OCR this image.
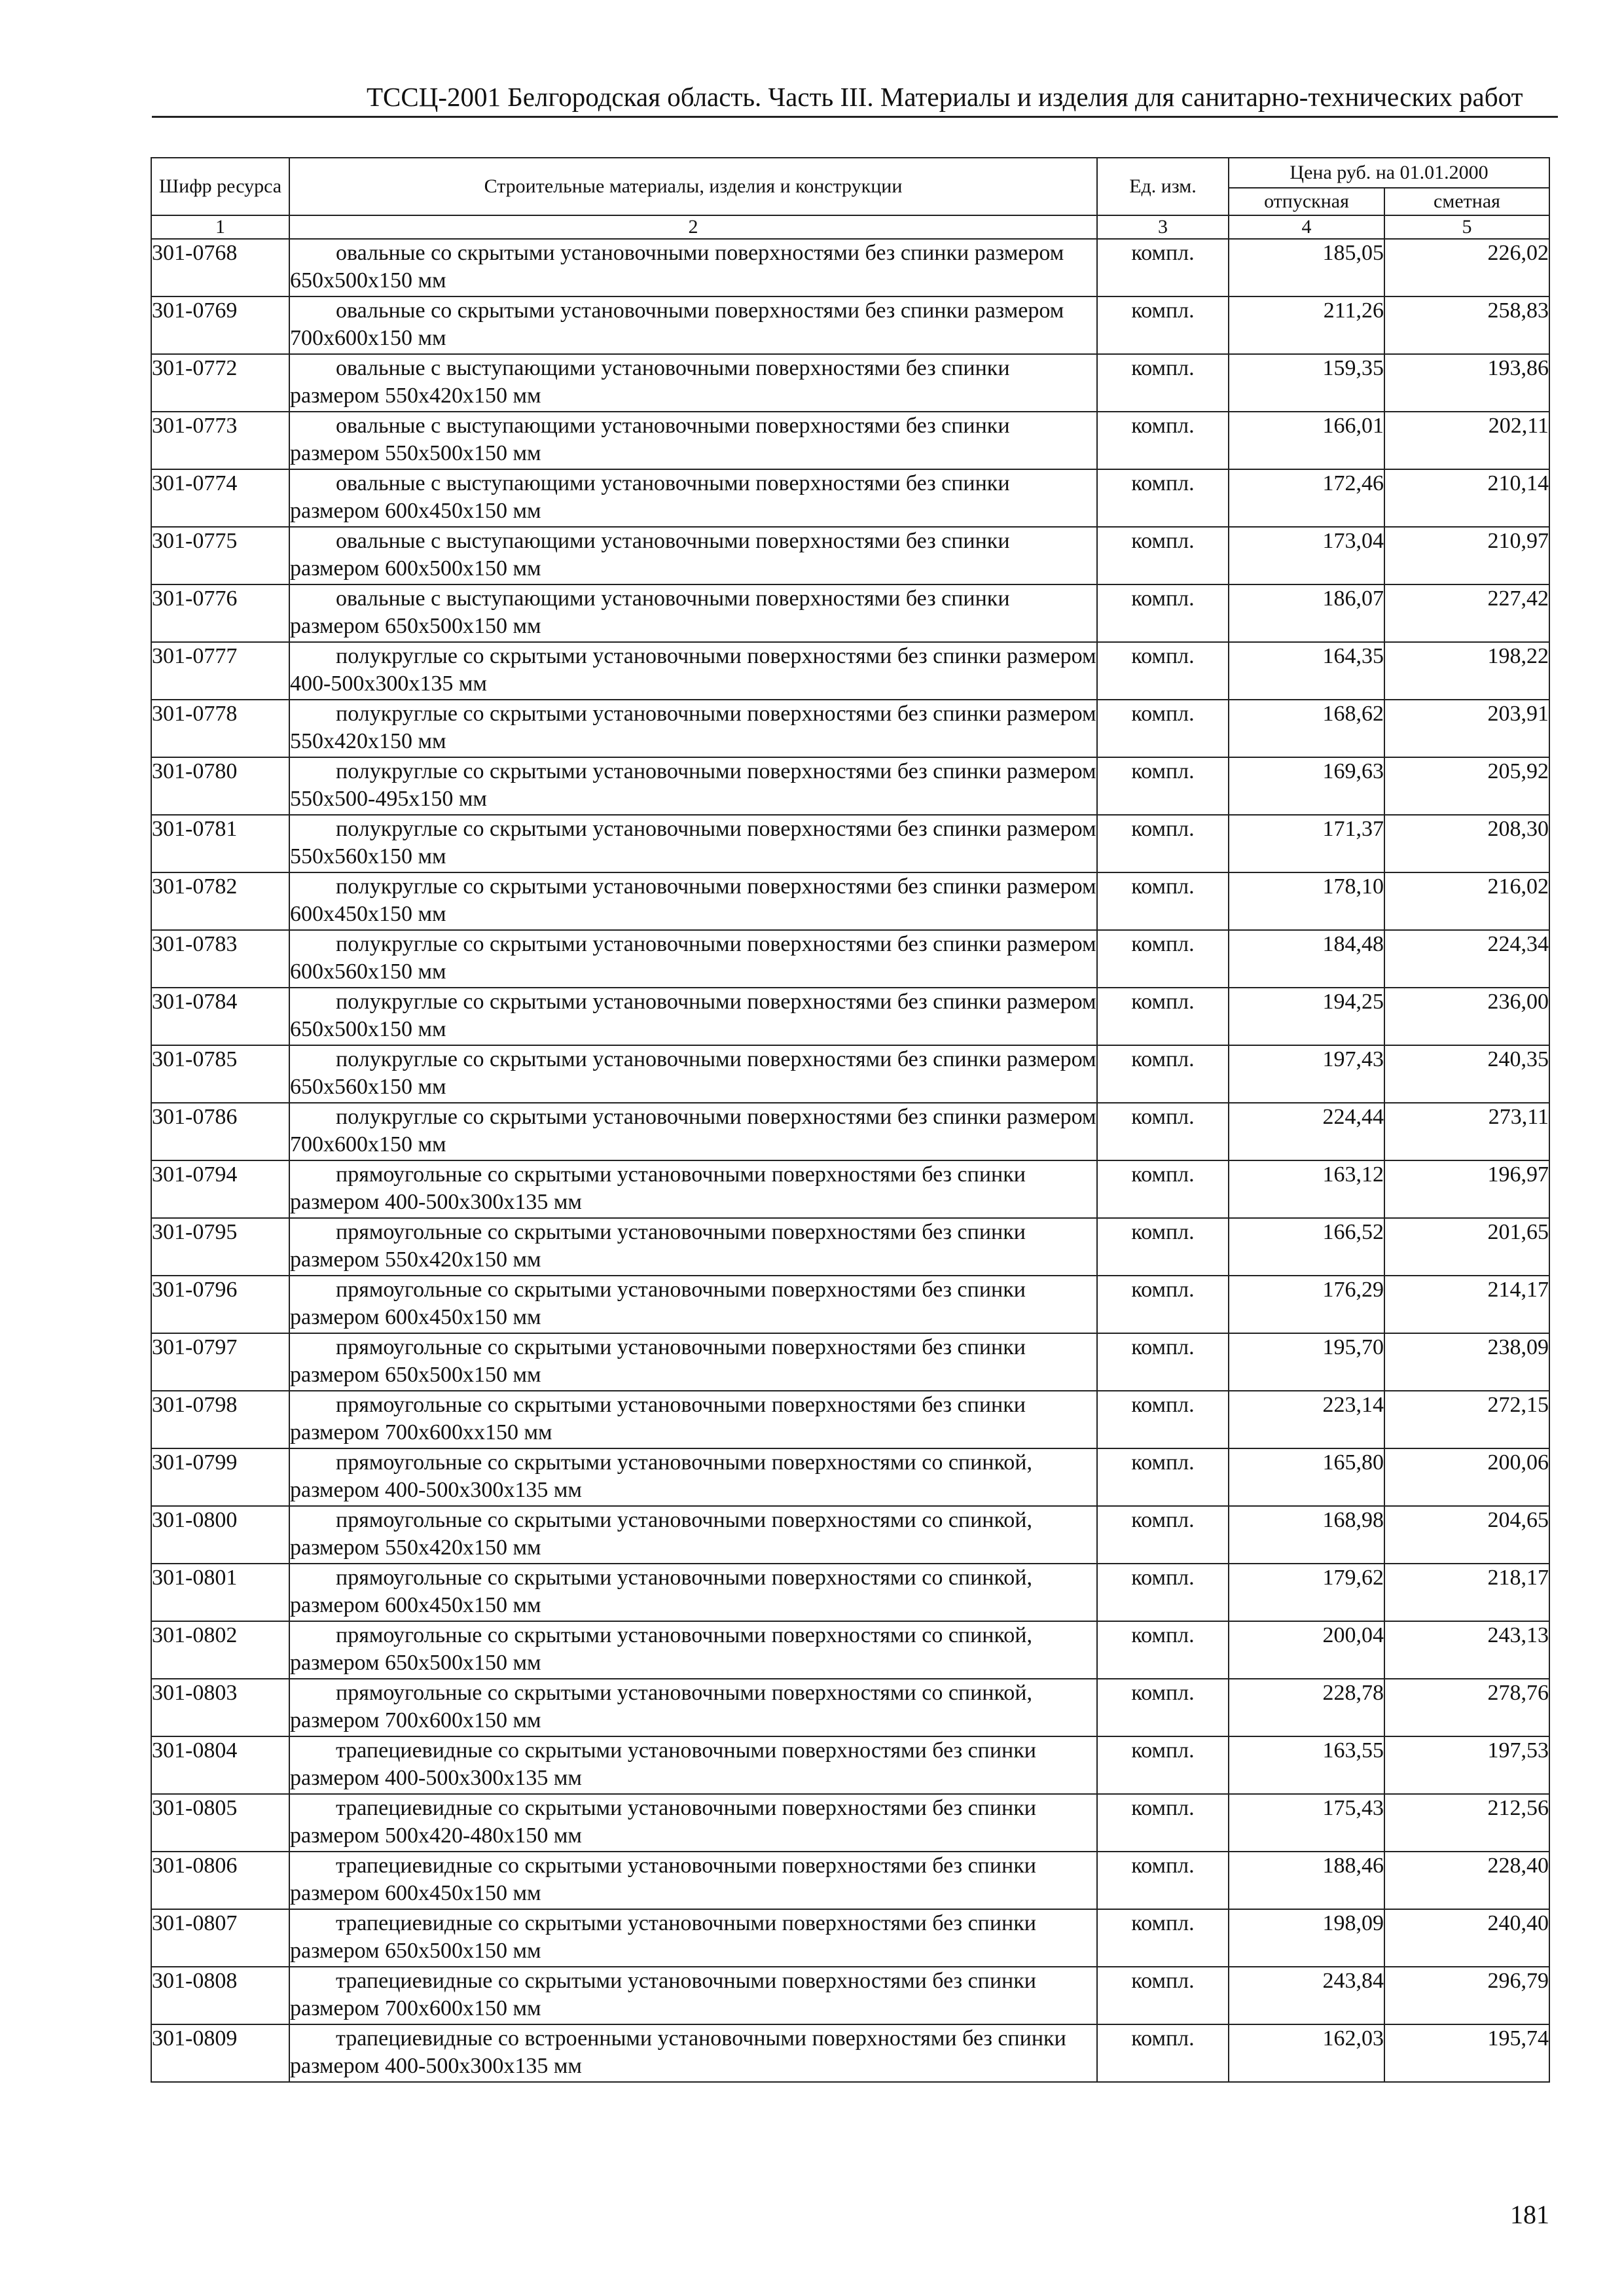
ТССЦ-2001 Белгородская область. Часть III. Материалы и изделия для санитарно-технических работ
Шифр ресурса	Строительные материалы, изделия и конструкции	Ед. изм.	Цена руб. на 01.01.2000	
			отпускная	сметная
1	2	3	4	5
301-0768	овальные со скрытыми установочными поверхностями без спинки размером 650х500х150 мм	компл.	185,05	226,02
301-0769	овальные со скрытыми установочными поверхностями без спинки размером 700х600х150 мм	компл.	211,26	258,83
301-0772	овальные с выступающими установочными поверхностями без спинки размером 550х420х150 мм	компл.	159,35	193,86
301-0773	овальные с выступающими установочными поверхностями без спинки размером 550х500х150 мм	компл.	166,01	202,11
301-0774	овальные с выступающими установочными поверхностями без спинки размером 600х450х150 мм	компл.	172,46	210,14
301-0775	овальные с выступающими установочными поверхностями без спинки размером 600х500х150 мм	компл.	173,04	210,97
301-0776	овальные с выступающими установочными поверхностями без спинки размером 650х500х150 мм	компл.	186,07	227,42
301-0777	полукруглые со скрытыми установочными поверхностями без спинки размером 400-500х300х135 мм	компл.	164,35	198,22
301-0778	полукруглые со скрытыми установочными поверхностями без спинки размером 550х420х150 мм	компл.	168,62	203,91
301-0780	полукруглые со скрытыми установочными поверхностями без спинки размером 550х500-495х150 мм	компл.	169,63	205,92
301-0781	полукруглые со скрытыми установочными поверхностями без спинки размером 550х560х150 мм	компл.	171,37	208,30
301-0782	полукруглые со скрытыми установочными поверхностями без спинки размером 600х450х150 мм	компл.	178,10	216,02
301-0783	полукруглые со скрытыми установочными поверхностями без спинки размером 600х560х150 мм	компл.	184,48	224,34
301-0784	полукруглые со скрытыми установочными поверхностями без спинки размером 650х500х150 мм	компл.	194,25	236,00
301-0785	полукруглые со скрытыми установочными поверхностями без спинки размером 650х560х150 мм	компл.	197,43	240,35
301-0786	полукруглые со скрытыми установочными поверхностями без спинки размером 700х600х150 мм	компл.	224,44	273,11
301-0794	прямоугольные со скрытыми установочными поверхностями без спинки размером 400-500х300х135 мм	компл.	163,12	196,97
301-0795	прямоугольные со скрытыми установочными поверхностями без спинки размером 550х420х150 мм	компл.	166,52	201,65
301-0796	прямоугольные со скрытыми установочными поверхностями без спинки размером 600х450х150 мм	компл.	176,29	214,17
301-0797	прямоугольные со скрытыми установочными поверхностями без спинки размером 650х500х150 мм	компл.	195,70	238,09
301-0798	прямоугольные со скрытыми установочными поверхностями без спинки размером 700х600хх150 мм	компл.	223,14	272,15
301-0799	прямоугольные со скрытыми установочными поверхностями со спинкой, размером 400-500х300х135 мм	компл.	165,80	200,06
301-0800	прямоугольные со скрытыми установочными поверхностями со спинкой, размером 550х420х150 мм	компл.	168,98	204,65
301-0801	прямоугольные со скрытыми установочными поверхностями со спинкой, размером 600х450х150 мм	компл.	179,62	218,17
301-0802	прямоугольные со скрытыми установочными поверхностями со спинкой, размером 650х500х150 мм	компл.	200,04	243,13
301-0803	прямоугольные со скрытыми установочными поверхностями со спинкой, размером 700х600х150 мм	компл.	228,78	278,76
301-0804	трапециевидные со скрытыми установочными поверхностями без спинки размером 400-500х300х135 мм	компл.	163,55	197,53
301-0805	трапециевидные со скрытыми установочными поверхностями без спинки размером 500х420-480х150 мм	компл.	175,43	212,56
301-0806	трапециевидные со скрытыми установочными поверхностями без спинки размером 600х450х150 мм	компл.	188,46	228,40
301-0807	трапециевидные со скрытыми установочными поверхностями без спинки размером 650х500х150 мм	компл.	198,09	240,40
301-0808	трапециевидные со скрытыми установочными поверхностями без спинки размером 700х600х150 мм	компл.	243,84	296,79
301-0809	трапециевидные со встроенными установочными поверхностями без спинки размером 400-500х300х135 мм	компл.	162,03	195,74
181
